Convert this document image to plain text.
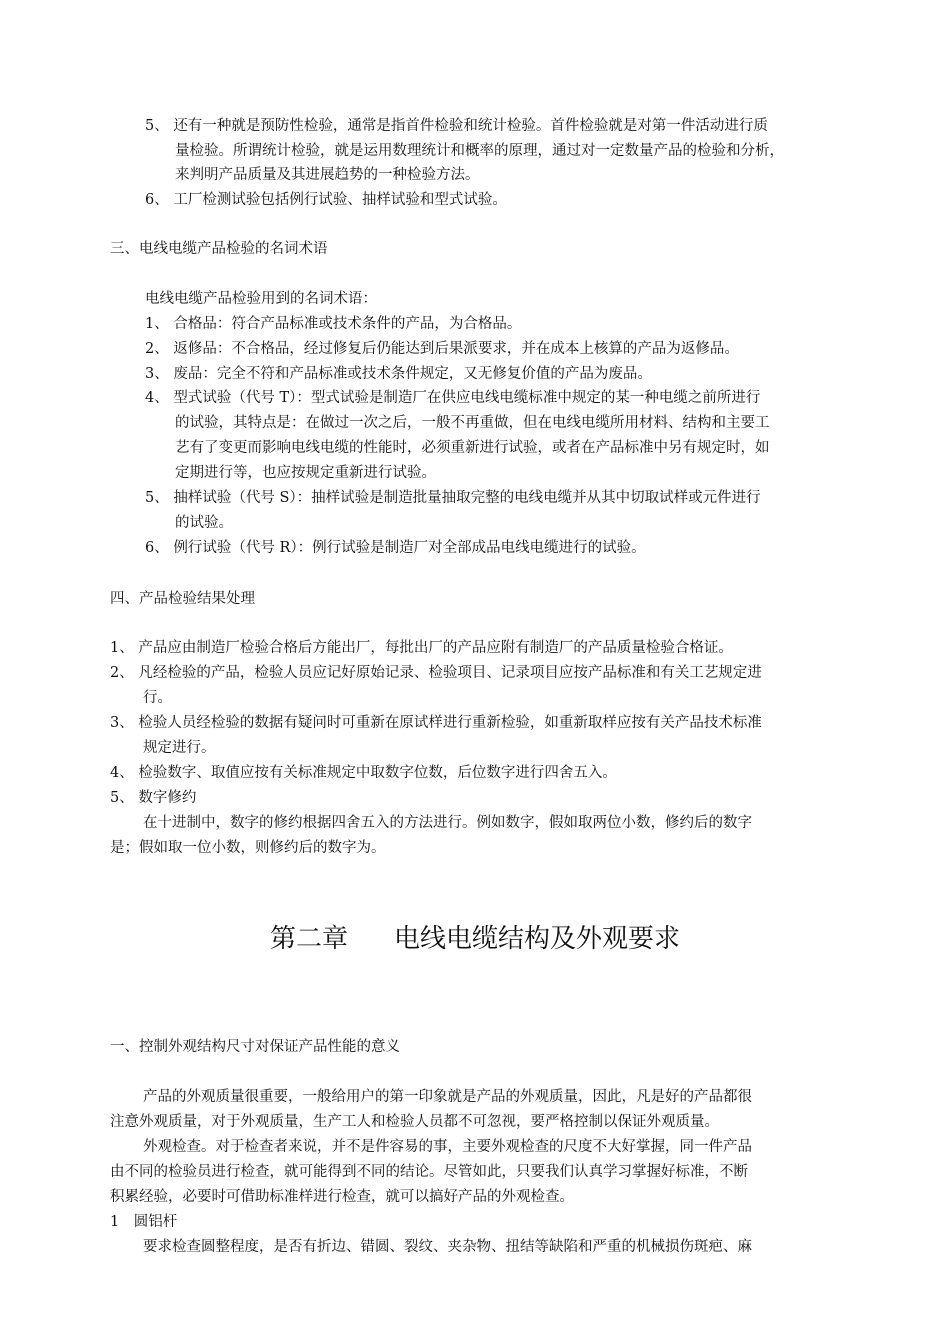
5、 还有一种就是预防性检验，通常是指首件检验和统计检验。首件检验就是对第一件活动进行质
量检验。所谓统计检验，就是运用数理统计和概率的原理，通过对一定数量产品的检验和分析，
来判明产品质量及其进展趋势的一种检验方法。
6、 工厂检测试验包括例行试验、抽样试验和型式试验。
三、电线电缆产品检验的名词术语
电线电缆产品检验用到的名词术语：
1、 合格品：符合产品标准或技术条件的产品，为合格品。
2、 返修品：不合格品，经过修复后仍能达到后果派要求，并在成本上核算的产品为返修品。
3、 废品：完全不符和产品标准或技术条件规定，又无修复价值的产品为废品。
4、 型式试验（代号 T）：型式试验是制造厂在供应电线电缆标准中规定的某一种电缆之前所进行
的试验，其特点是：在做过一次之后，一般不再重做，但在电线电缆所用材料、结构和主要工
艺有了变更而影响电线电缆的性能时，必须重新进行试验，或者在产品标准中另有规定时，如
定期进行等，也应按规定重新进行试验。
5、 抽样试验（代号 S）：抽样试验是制造批量抽取完整的电线电缆并从其中切取试样或元件进行
的试验。
6、 例行试验（代号 R）：例行试验是制造厂对全部成品电线电缆进行的试验。
四、产品检验结果处理
1、 产品应由制造厂检验合格后方能出厂，每批出厂的产品应附有制造厂的产品质量检验合格证。
2、 凡经检验的产品，检验人员应记好原始记录、检验项目、记录项目应按产品标准和有关工艺规定进
行。
3、 检验人员经检验的数据有疑问时可重新在原试样进行重新检验，如重新取样应按有关产品技术标准
规定进行。
4、 检验数字、取值应按有关标准规定中取数字位数，后位数字进行四舍五入。
5、 数字修约
在十进制中，数字的修约根据四舍五入的方法进行。例如数字，假如取两位小数，修约后的数字
是；假如取一位小数，则修约后的数字为。
第二章 电线电缆结构及外观要求
一、控制外观结构尺寸对保证产品性能的意义
产品的外观质量很重要，一般给用户的第一印象就是产品的外观质量，因此，凡是好的产品都很
注意外观质量，对于外观质量，生产工人和检验人员都不可忽视，要严格控制以保证外观质量。
外观检查。对于检查者来说，并不是件容易的事，主要外观检查的尺度不大好掌握，同一件产品
由不同的检验员进行检查，就可能得到不同的结论。尽管如此，只要我们认真学习掌握好标准，不断
积累经验，必要时可借助标准样进行检查，就可以搞好产品的外观检查。
1　圆铝杆
要求检查圆整程度，是否有折边、错圆、裂纹、夹杂物、扭结等缺陷和严重的机械损伤斑疤、麻
